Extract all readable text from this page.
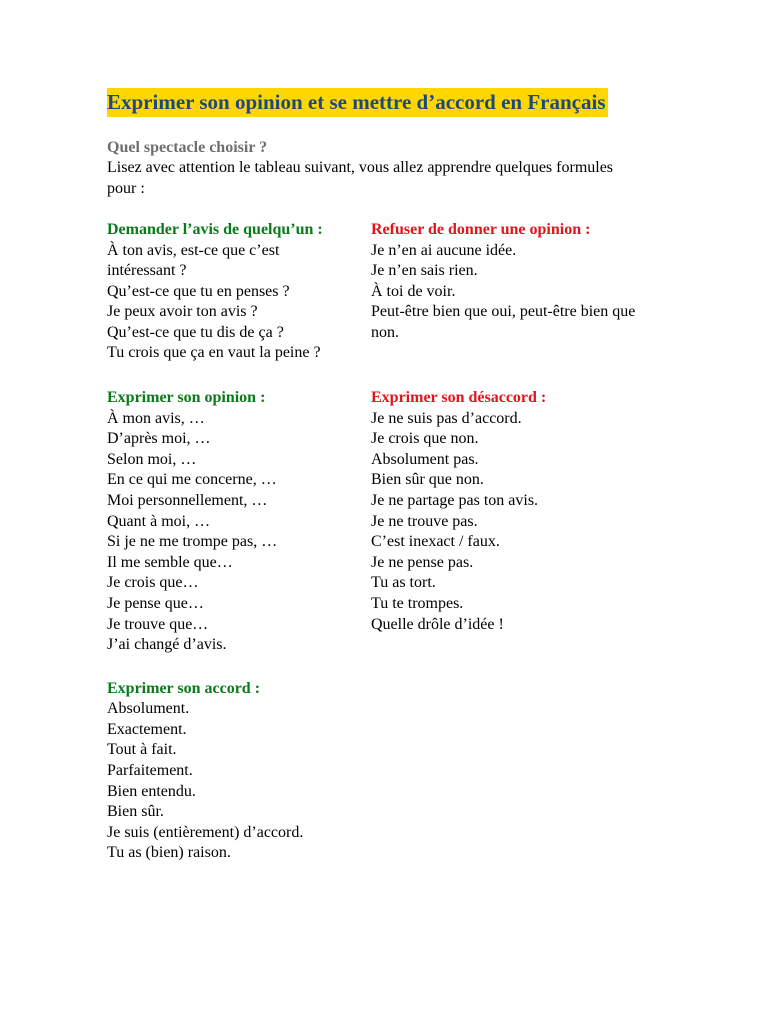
Exprimer son opinion et se mettre d’accord en Français
Quel spectacle choisir ?
Lisez avec attention le tableau suivant, vous allez apprendre quelques formules pour :
Demander l’avis de quelqu’un :
À ton avis, est-ce que c’est
intéressant ?
Qu’est-ce que tu en penses ?
Je peux avoir ton avis ?
Qu’est-ce que tu dis de ça ?
Tu crois que ça en vaut la peine ?
Refuser de donner une opinion :
Je n’en ai aucune idée.
Je n’en sais rien.
À toi de voir.
Peut-être bien que oui, peut-être bien que
non.
Exprimer son opinion :
À mon avis, …
D’après moi, …
Selon moi, …
En ce qui me concerne, …
Moi personnellement, …
Quant à moi, …
Si je ne me trompe pas, …
Il me semble que…
Je crois que…
Je pense que…
Je trouve que…
J’ai changé d’avis.
Exprimer son désaccord :
Je ne suis pas d’accord.
Je crois que non.
Absolument pas.
Bien sûr que non.
Je ne partage pas ton avis.
Je ne trouve pas.
C’est inexact / faux.
Je ne pense pas.
Tu as tort.
Tu te trompes.
Quelle drôle d’idée !
Exprimer son accord :
Absolument.
Exactement.
Tout à fait.
Parfaitement.
Bien entendu.
Bien sûr.
Je suis (entièrement) d’accord.
Tu as (bien) raison.
